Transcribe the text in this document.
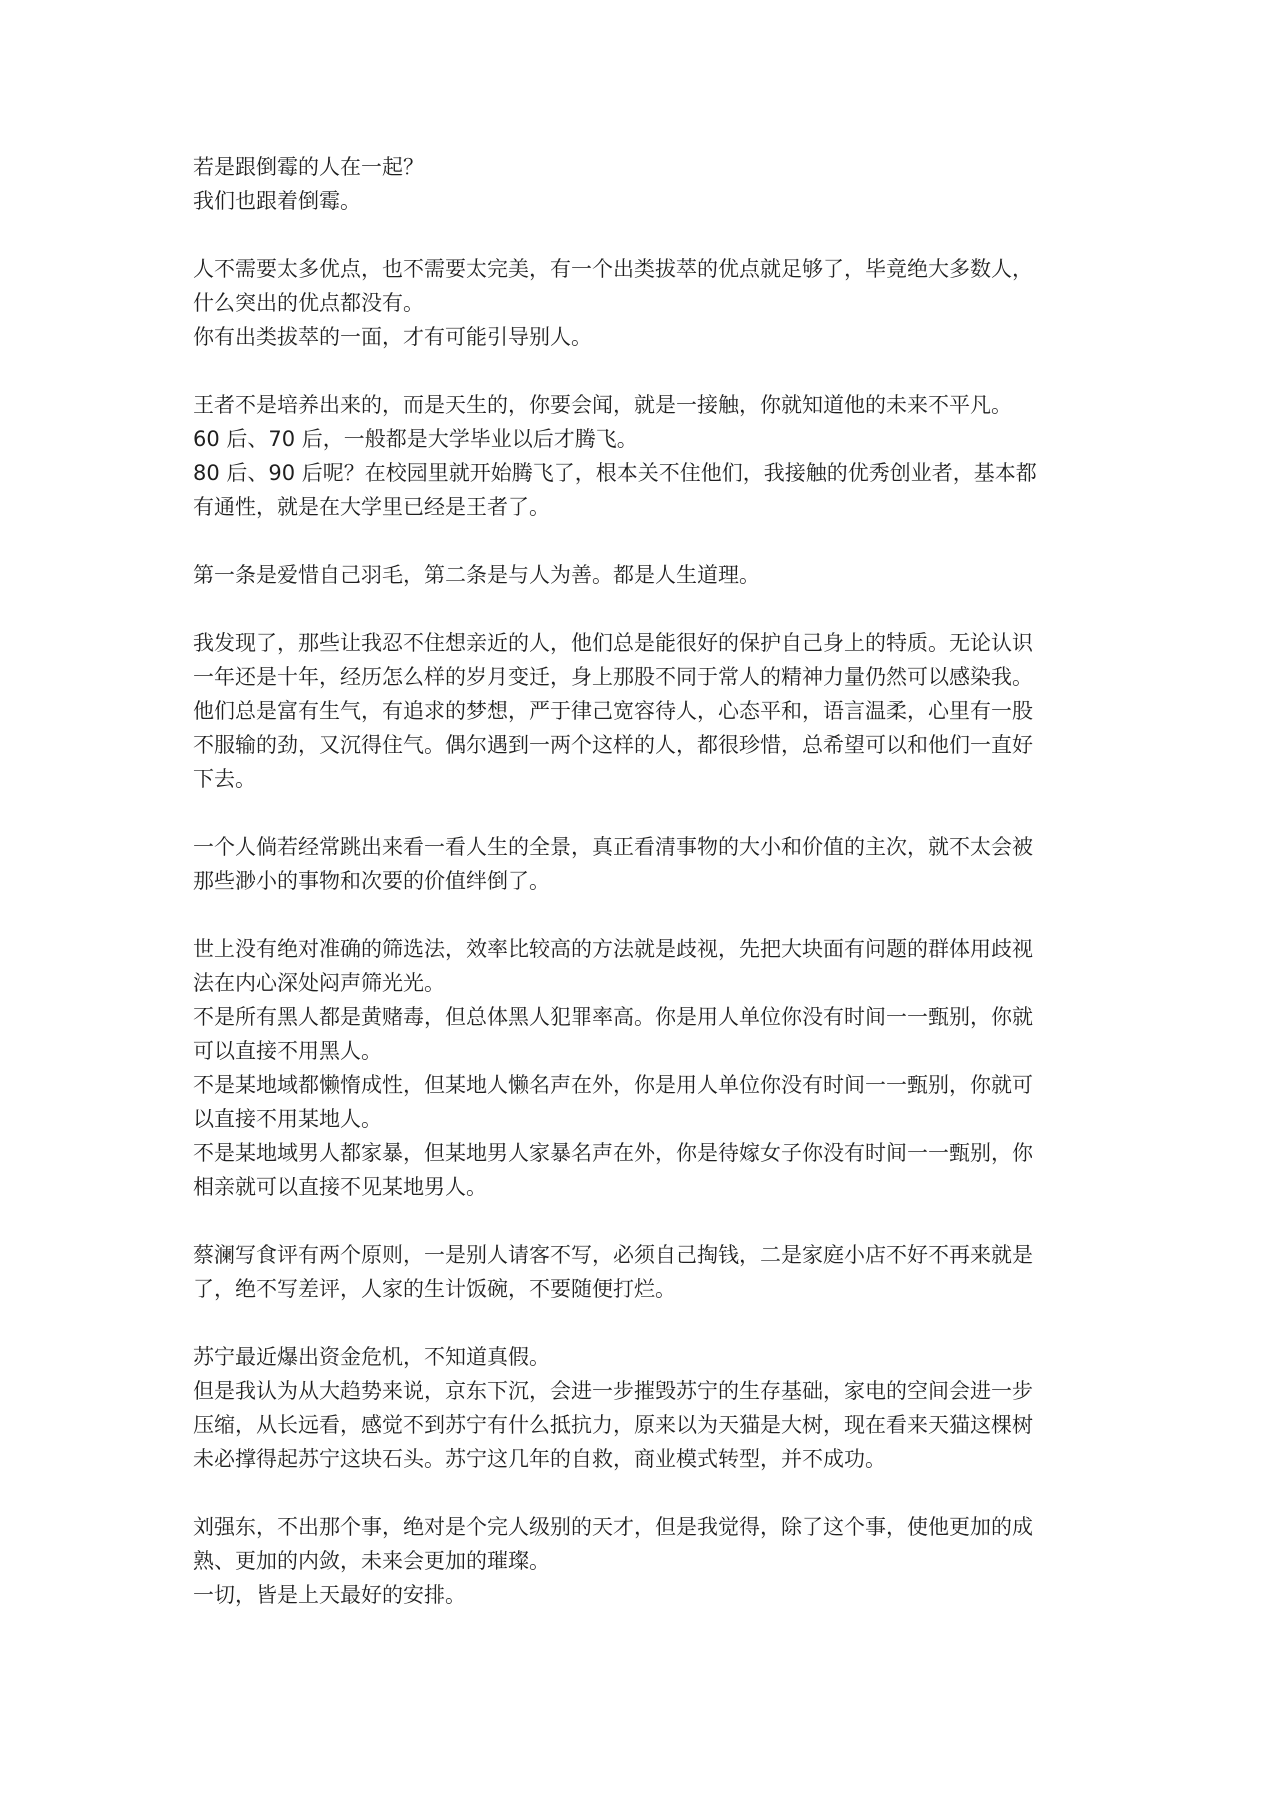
若是跟倒霉的人在一起？
我们也跟着倒霉。
人不需要太多优点，也不需要太完美，有一个出类拔萃的优点就足够了，毕竟绝大多数人，
什么突出的优点都没有。
你有出类拔萃的一面，才有可能引导别人。
王者不是培养出来的，而是天生的，你要会闻，就是一接触，你就知道他的未来不平凡。
60 后、70 后，一般都是大学毕业以后才腾飞。
80 后、90 后呢？在校园里就开始腾飞了，根本关不住他们，我接触的优秀创业者，基本都
有通性，就是在大学里已经是王者了。
第一条是爱惜自己羽毛，第二条是与人为善。都是人生道理。
我发现了，那些让我忍不住想亲近的人，他们总是能很好的保护自己身上的特质。无论认识
一年还是十年，经历怎么样的岁月变迁，身上那股不同于常人的精神力量仍然可以感染我。
他们总是富有生气，有追求的梦想，严于律己宽容待人，心态平和，语言温柔，心里有一股
不服输的劲，又沉得住气。偶尔遇到一两个这样的人，都很珍惜，总希望可以和他们一直好
下去。
一个人倘若经常跳出来看一看人生的全景，真正看清事物的大小和价值的主次，就不太会被
那些渺小的事物和次要的价值绊倒了。
世上没有绝对准确的筛选法，效率比较高的方法就是歧视，先把大块面有问题的群体用歧视
法在内心深处闷声筛光光。
不是所有黑人都是黄赌毒，但总体黑人犯罪率高。你是用人单位你没有时间一一甄别，你就
可以直接不用黑人。
不是某地域都懒惰成性，但某地人懒名声在外，你是用人单位你没有时间一一甄别，你就可
以直接不用某地人。
不是某地域男人都家暴，但某地男人家暴名声在外，你是待嫁女子你没有时间一一甄别，你
相亲就可以直接不见某地男人。
蔡澜写食评有两个原则，一是别人请客不写，必须自己掏钱，二是家庭小店不好不再来就是
了，绝不写差评，人家的生计饭碗，不要随便打烂。
苏宁最近爆出资金危机，不知道真假。
但是我认为从大趋势来说，京东下沉，会进一步摧毁苏宁的生存基础，家电的空间会进一步
压缩，从长远看，感觉不到苏宁有什么抵抗力，原来以为天猫是大树，现在看来天猫这棵树
未必撑得起苏宁这块石头。苏宁这几年的自救，商业模式转型，并不成功。
刘强东，不出那个事，绝对是个完人级别的天才，但是我觉得，除了这个事，使他更加的成
熟、更加的内敛，未来会更加的璀璨。
一切，皆是上天最好的安排。
